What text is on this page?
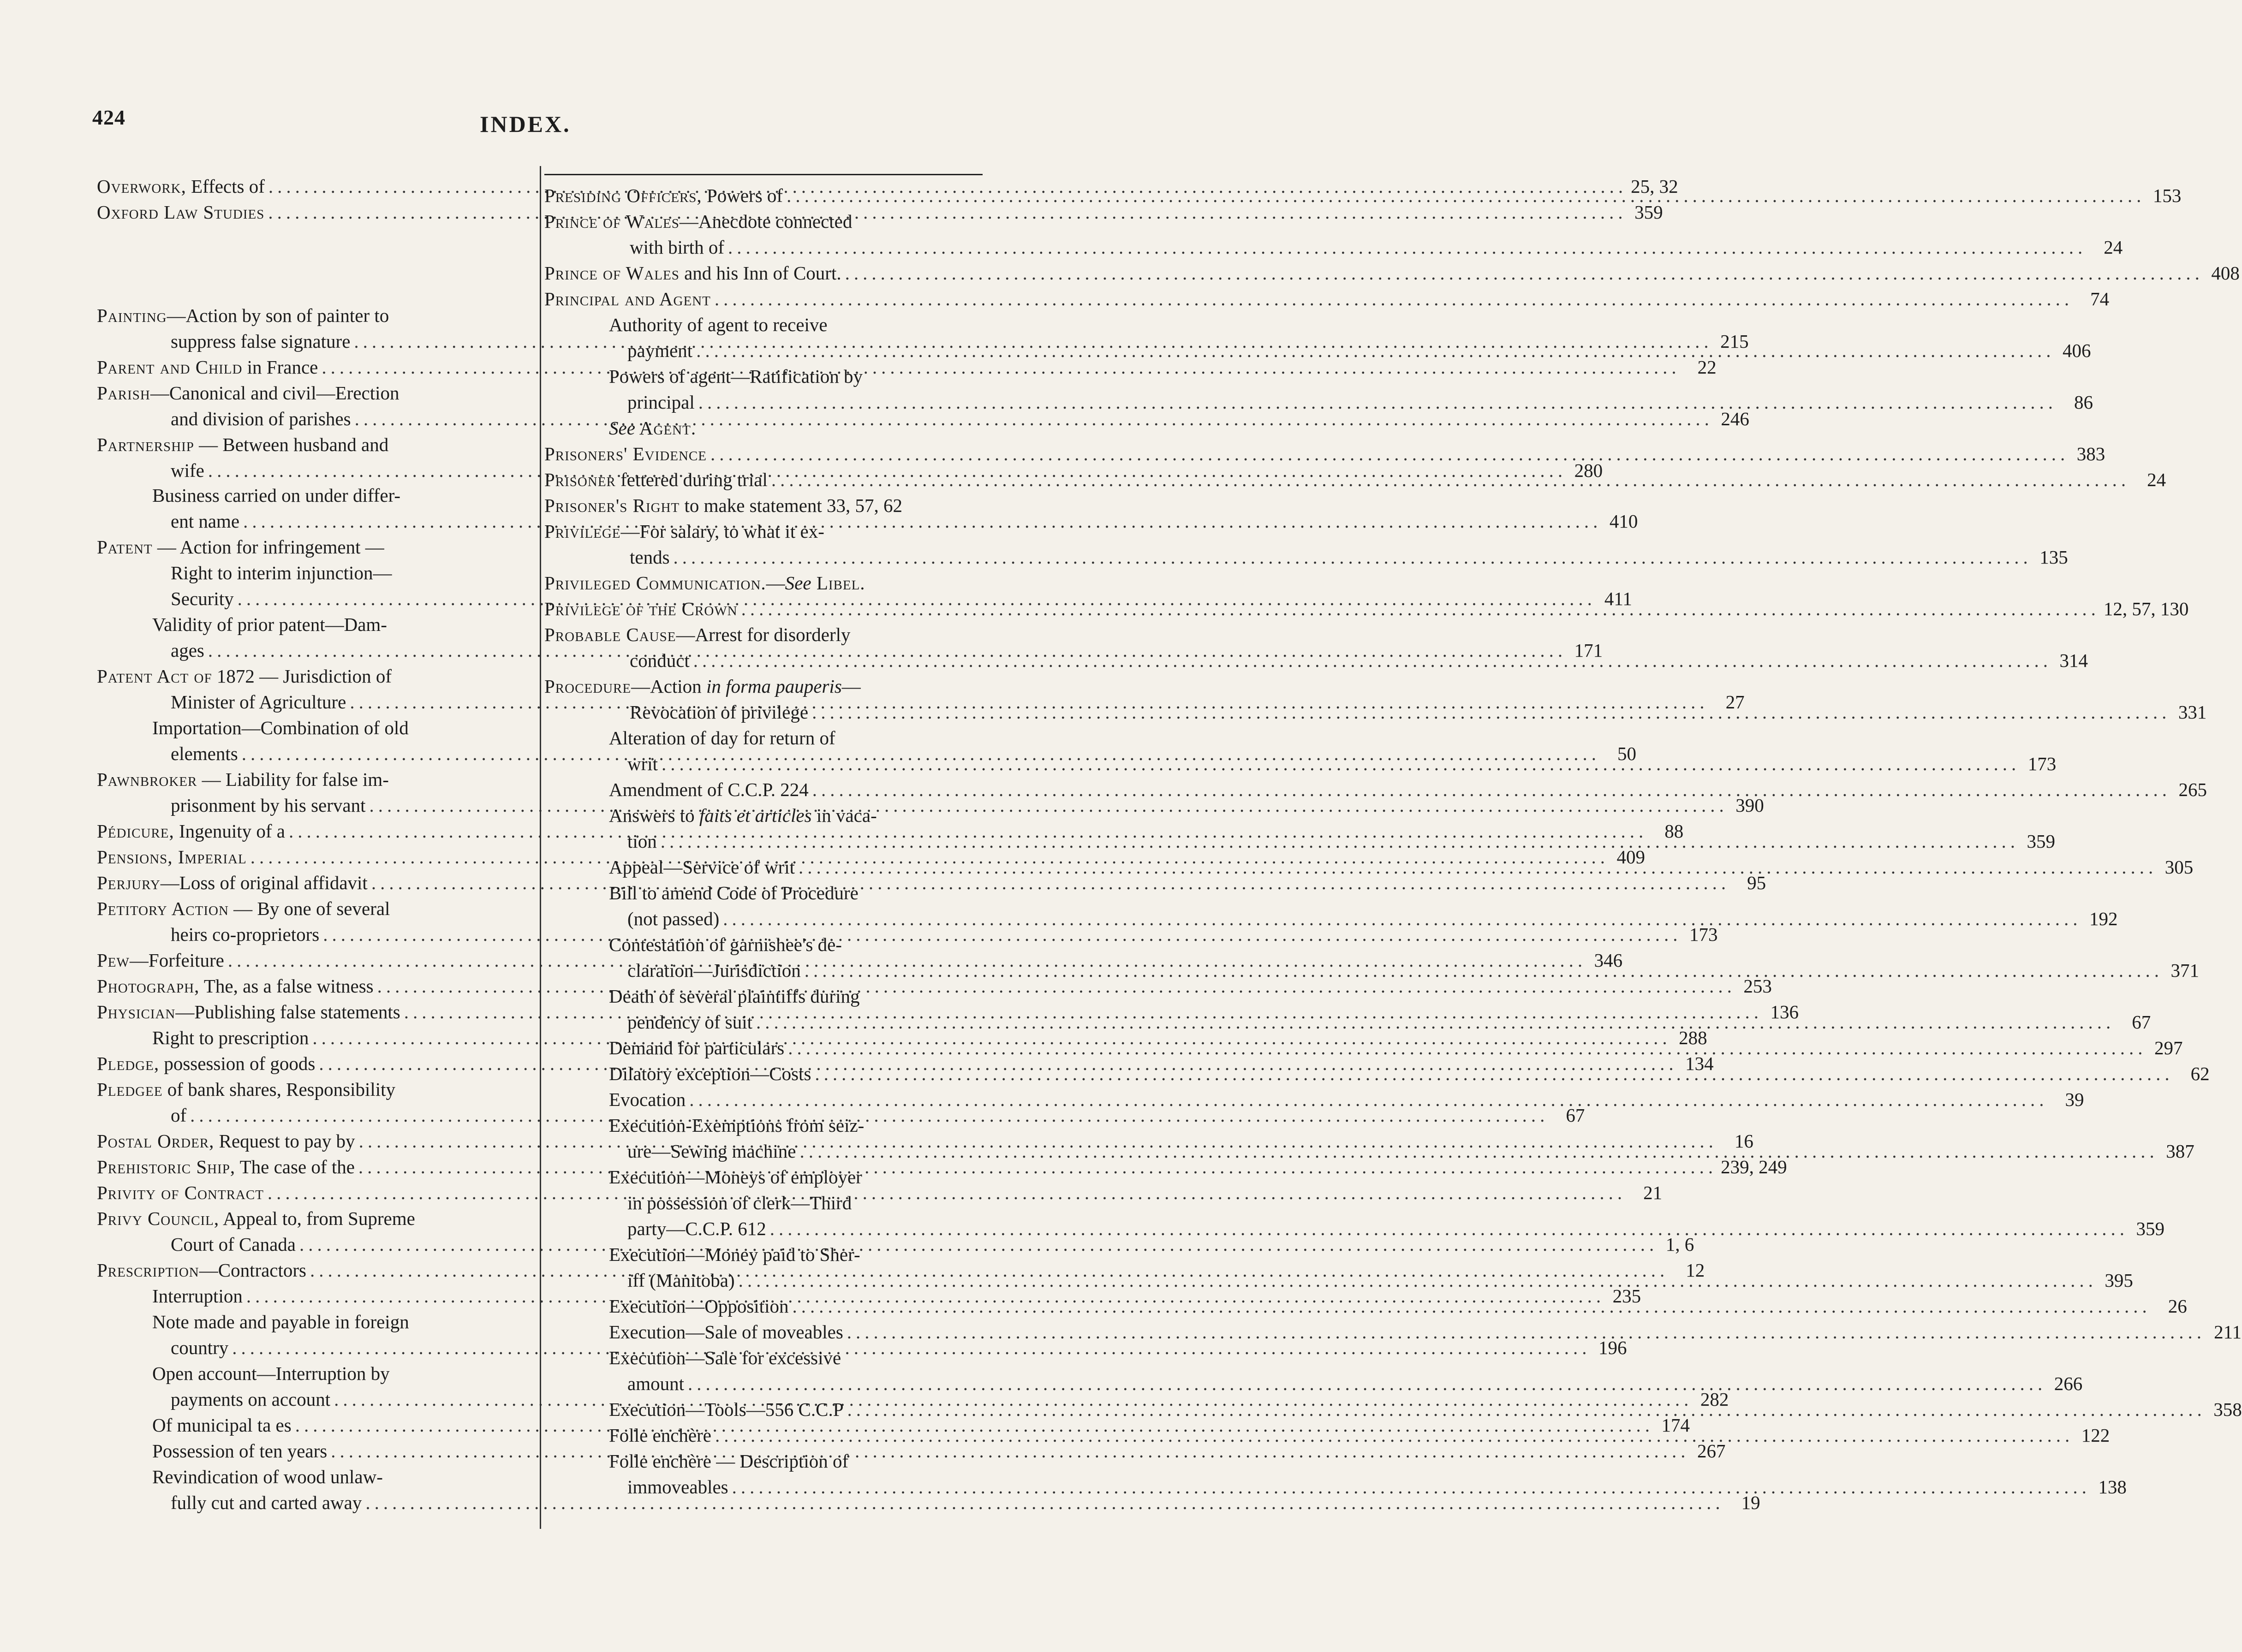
424	INDEX.
Overwork, Effects of .....	25, 32
Oxford Law Studies .....	359
Painting—Action by son of painter to
suppress false signature .....	215
Parent and Child in France .....	22
Parish—Canonical and civil—Erection
and division of parishes .....	246
Partnership — Between husband and
wife .....	280
Business carried on under differ-
ent name .....	410
Patent — Action for infringement —
Right to interim injunction—
Security .....	411
Validity of prior patent—Dam-
ages .....	171
Patent Act of 1872 — Jurisdiction of
Minister of Agriculture .....	27
Importation—Combination of old
elements .....	50
Pawnbroker — Liability for false im-
prisonment by his servant .....	390
Pédicure, Ingenuity of a .....	88
Pensions, Imperial .....	409
Perjury—Loss of original affidavit .....	95
Petitory Action — By one of several
heirs co-proprietors .....	173
Pew—Forfeiture .....	346
Photograph, The, as a false witness .....	253
Physician—Publishing false statements .....	136
Right to prescription .....	288
Pledge, possession of goods .....	134
Pledgee of bank shares, Responsibility
of .....	67
Postal Order, Request to pay by .....	16
Prehistoric Ship, The case of the .....	239, 249
Privity of Contract .....	21
Privy Council, Appeal to, from Supreme
Court of Canada .....	1, 6
Prescription—Contractors .....	12
Interruption .....	235
Note made and payable in foreign
country .....	196
Open account—Interruption by
payments on account .....	282
Of municipal ta es .....	174
Possession of ten years .....	267
Revindication of wood unlaw-
fully cut and carted away .....	19
Presiding Officers, Powers of .....	153
Prince of Wales—Anecdote connected
with birth of .....	24
Prince of Wales and his Inn of Court. .....	408
Principal and Agent .....	74
Authority of agent to receive
payment .....	406
Powers of agent—Ratification by
principal .....	86
See Agent.
Prisoners' Evidence .....	383
Prisoner fettered during trial .....	24
Prisoner's Right to make statement 33, 57, 62
Privilege—For salary, to what it ex-
tends .....	135
Privileged Communication.—See Libel.
Privilege of the Crown .....	12, 57, 130
Probable Cause—Arrest for disorderly
conduct .....	314
Procedure—Action in forma pauperis—
Revocation of privilege .....	331
Alteration of day for return of
writ .....	173
Amendment of C.C.P. 224 .....	265
Answers to faits et articles in vaca-
tion .....	359
Appeal—Service of writ .....	305
Bill to amend Code of Procedure
(not passed) .....	192
Contestation of garnishee's de-
claration—Jurisdiction .....	371
Death of several plaintiffs during
pendency of suit .....	67
Demand for particulars .....	297
Dilatory exception—Costs .....	62
Evocation .....	39
Execution-Exemptions from seiz-
ure—Sewing machine .....	387
Execution—Moneys of employer
in possession of clerk—Third
party—C.C.P. 612 .....	359
Execution—Money paid to Sher-
iff (Manitoba) .....	395
Execution—Opposition .....	26
Execution—Sale of moveables .....	211
Execution—Sale for excessive
amount .....	266
Execution—Tools—556 C.C.P .....	358
Folle enchère .....	122
Folle enchère — Description of
immoveables .....	138
